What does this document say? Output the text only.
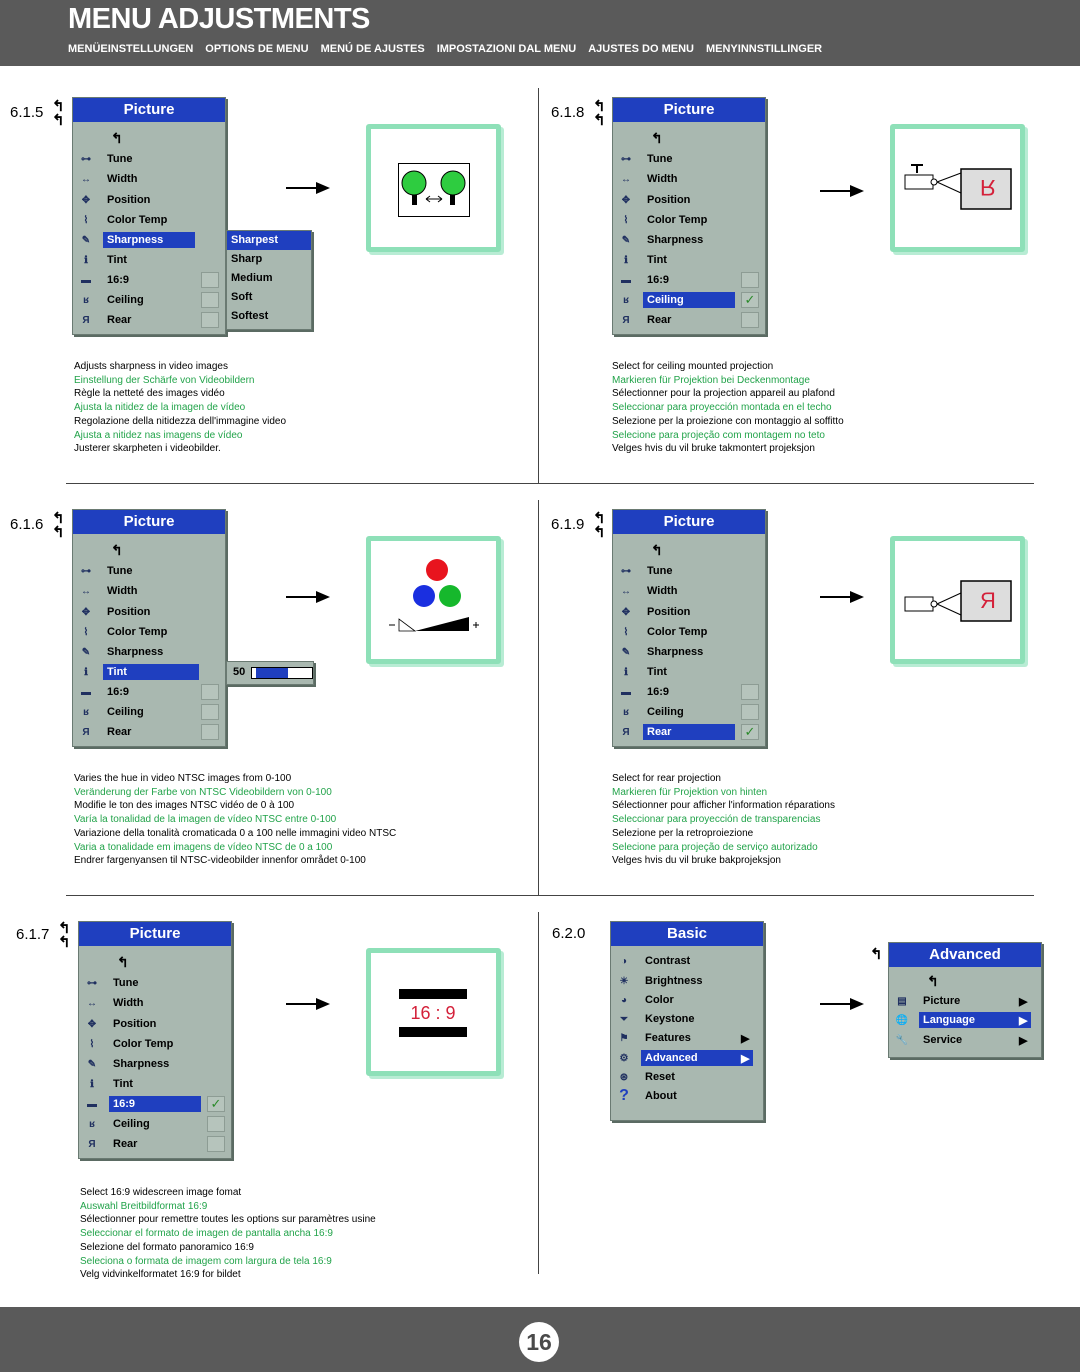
MENU ADJUSTMENTS
MENÜEINSTELLUNGEN OPTIONS DE MENU MENÚ DE AJUSTES IMPOSTAZIONI DAL MENU AJUSTES DO MENU MENYINNSTILLINGER
6.1.5 ↰
↰
Picture
↰
⊶	Tune
↔	Width
✥	Position
⌇	Color Temp
✎	Sharpness
ℹ	Tint
▬	16:9
ʁ	Ceiling
Я	Rear
Sharpest
Sharp
Medium
Soft
Softest
Adjusts sharpness in video images
Einstellung der Schärfe von Videobildern
Règle la netteté des images vidéo
Ajusta la nitidez de la imagen de vídeo
Regolazione della nitidezza dell'immagine video
Ajusta a nitidez nas imagens de vídeo
Justerer skarpheten i videobilder.
6.1.8 ↰
↰
Picture
↰
⊶	Tune
↔	Width
✥	Position
⌇	Color Temp
✎	Sharpness
ℹ	Tint
▬	16:9
ʁ	Ceiling
Я	Rear
✓
R
Select for ceiling mounted projection
Markieren für Projektion bei Deckenmontage
Sélectionner pour la projection appareil au plafond
Seleccionar para proyección montada en el techo
Selezione per la proiezione con montaggio al soffitto
Selecione para projeção com montagem no teto
Velges hvis du vil bruke takmontert projeksjon
6.1.6 ↰
↰
Picture
↰
⊶	Tune
↔	Width
✥	Position
⌇	Color Temp
✎	Sharpness
ℹ	Tint
▬	16:9
ʁ	Ceiling
Я	Rear
50
Varies the hue in video NTSC images from 0-100
Veränderung der Farbe von NTSC Videobildern von 0-100
Modifie le ton des images NTSC vidéo de 0 à 100
Varía la tonalidad de la imagen de vídeo NTSC entre 0-100
Variazione della tonalità cromaticada 0 a 100 nelle immagini video NTSC
Varia a tonalidade em imagens de vídeo NTSC de 0 a 100
Endrer fargenyansen til NTSC-videobilder innenfor området 0-100
6.1.9 ↰
↰
Picture
↰
⊶	Tune
↔	Width
✥	Position
⌇	Color Temp
✎	Sharpness
ℹ	Tint
▬	16:9
ʁ	Ceiling
Я	Rear	✓
R
Select for rear projection
Markieren für Projektion von hinten
Sélectionner pour afficher l'information réparations
Seleccionar para proyección de transparencias
Selezione per la retroproiezione
Selecione para projeção de serviço autorizado
Velges hvis du vil bruke bakprojeksjon
6.1.7 ↰
↰
Picture
↰
⊶	Tune
↔	Width
✥	Position
⌇	Color Temp
✎	Sharpness
ℹ	Tint
▬	16:9
ʁ	Ceiling
Я	Rear
✓
16 : 9
Select 16:9 widescreen image fomat
Auswahl Breitbildformat 16:9
Sélectionner pour remettre toutes les options sur paramètres usine
Seleccionar el formato de imagen de pantalla ancha 16:9
Selezione del formato panoramico 16:9
Seleciona o formata de imagem com largura de tela 16:9
Velg vidvinkelformatet 16:9 for bildet
6.2.0	Basic
◑	Contrast
☀	Brightness
◕	Color
⏷	Keystone
⚑	Features	▶
⚙	Advanced	▶
⊛	Reset
?	About
↰	Advanced
↰
▤	Picture	▶
🌐	Language	▶
🔧	Service	▶
16
